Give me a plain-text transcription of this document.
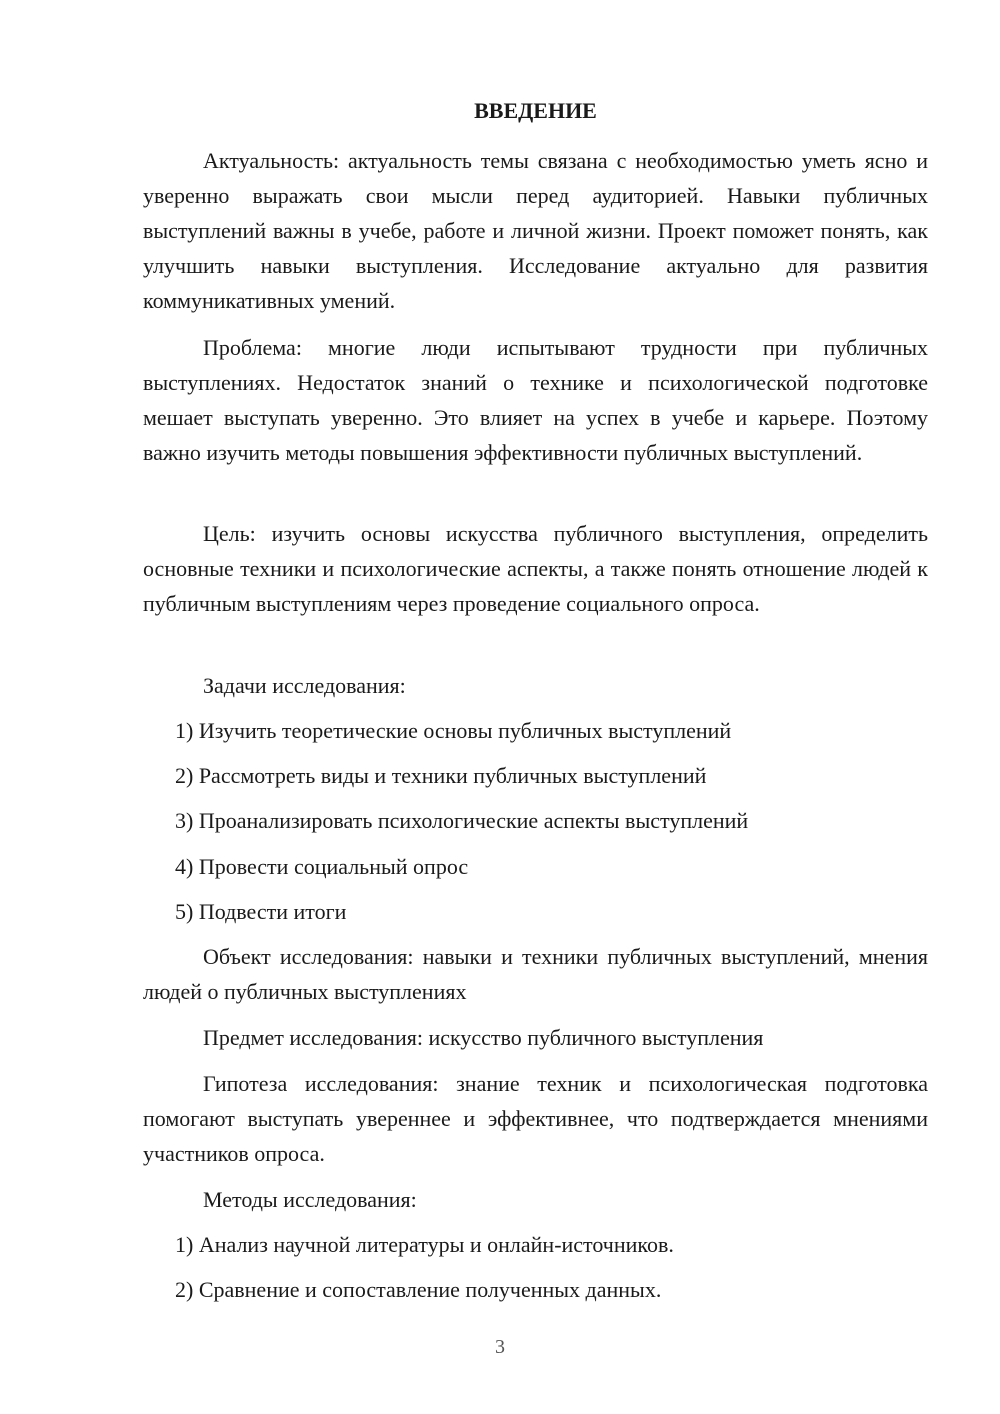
ВВЕДЕНИЕ

Актуальность: актуальность темы связана с необходимостью уметь ясно и уверенно выражать свои мысли перед аудиторией. Навыки публичных выступлений важны в учебе, работе и личной жизни. Проект поможет понять, как улучшить навыки выступления. Исследование актуально для развития коммуникативных умений.

Проблема: многие люди испытывают трудности при публичных выступлениях. Недостаток знаний о технике и психологической подготовке мешает выступать уверенно. Это влияет на успех в учебе и карьере. Поэтому важно изучить методы повышения эффективности публичных выступлений.

Цель: изучить основы искусства публичного выступления, определить основные техники и психологические аспекты, а также понять отношение людей к публичным выступлениям через проведение социального опроса.

Задачи исследования:

1) Изучить теоретические основы публичных выступлений

2) Рассмотреть виды и техники публичных выступлений

3) Проанализировать психологические аспекты выступлений

4) Провести социальный опрос

5) Подвести итоги

Объект исследования: навыки и техники публичных выступлений, мнения людей о публичных выступлениях

Предмет исследования: искусство публичного выступления

Гипотеза исследования: знание техник и психологическая подготовка помогают выступать увереннее и эффективнее, что подтверждается мнениями участников опроса.

Методы исследования:

1) Анализ научной литературы и онлайн-источников.

2) Сравнение и сопоставление полученных данных.

3
